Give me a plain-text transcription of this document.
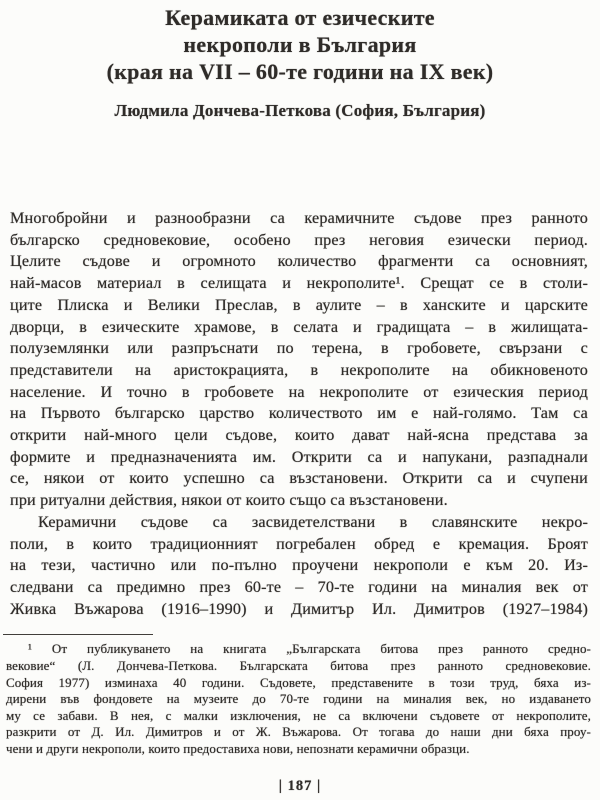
Керамиката от езическите
некрополи в България
(края на VII – 60-те години на IX век)
Людмила Дончева-Петкова (София, България)
Многобройни и разнообразни са керамичните съдове през ранното
българско средновековие, особено през неговия езически период.
Целите съдове и огромното количество фрагменти са основният,
най-масов материал в селищата и некрополите¹. Срещат се в столи-
ците Плиска и Велики Преслав, в аулите – в ханските и царските
дворци, в езическите храмове, в селата и градищата – в жилищата-
полуземлянки или разпръснати по терена, в гробовете, свързани с
представители на аристокрацията, в некрополите на обикновеното
население. И точно в гробовете на некрополите от езическия период
на Първото българско царство количеството им е най-голямо. Там са
открити най-много цели съдове, които дават най-ясна представа за
формите и предназначенията им. Открити са и напукани, разпаднали
се, някои от които успешно са възстановени. Открити са и счупени
при ритуални действия, някои от които също са възстановени.
Керамични съдове са засвидетелствани в славянските некро-
поли, в които традиционният погребален обред е кремация. Броят
на тези, частично или по-пълно проучени некрополи е към 20. Из-
следвани са предимно през 60-те – 70-те години на миналия век от
Живка Въжарова (1916–1990) и Димитър Ил. Димитров (1927–1984)
¹ От публикуването на книгата „Българската битова през ранното средно-
вековие“ (Л. Дончева-Петкова. Българската битова през ранното средновековие.
София 1977) изминаха 40 години. Съдовете, представените в този труд, бяха из-
дирени във фондовете на музеите до 70-те години на миналия век, но издаването
му се забави. В нея, с малки изключения, не са включени съдовете от некрополите,
разкрити от Д. Ил. Димитров и от Ж. Въжарова. От тогава до наши дни бяха проу-
чени и други некрополи, които предоставиха нови, непознати керамични образци.
| 187 |
